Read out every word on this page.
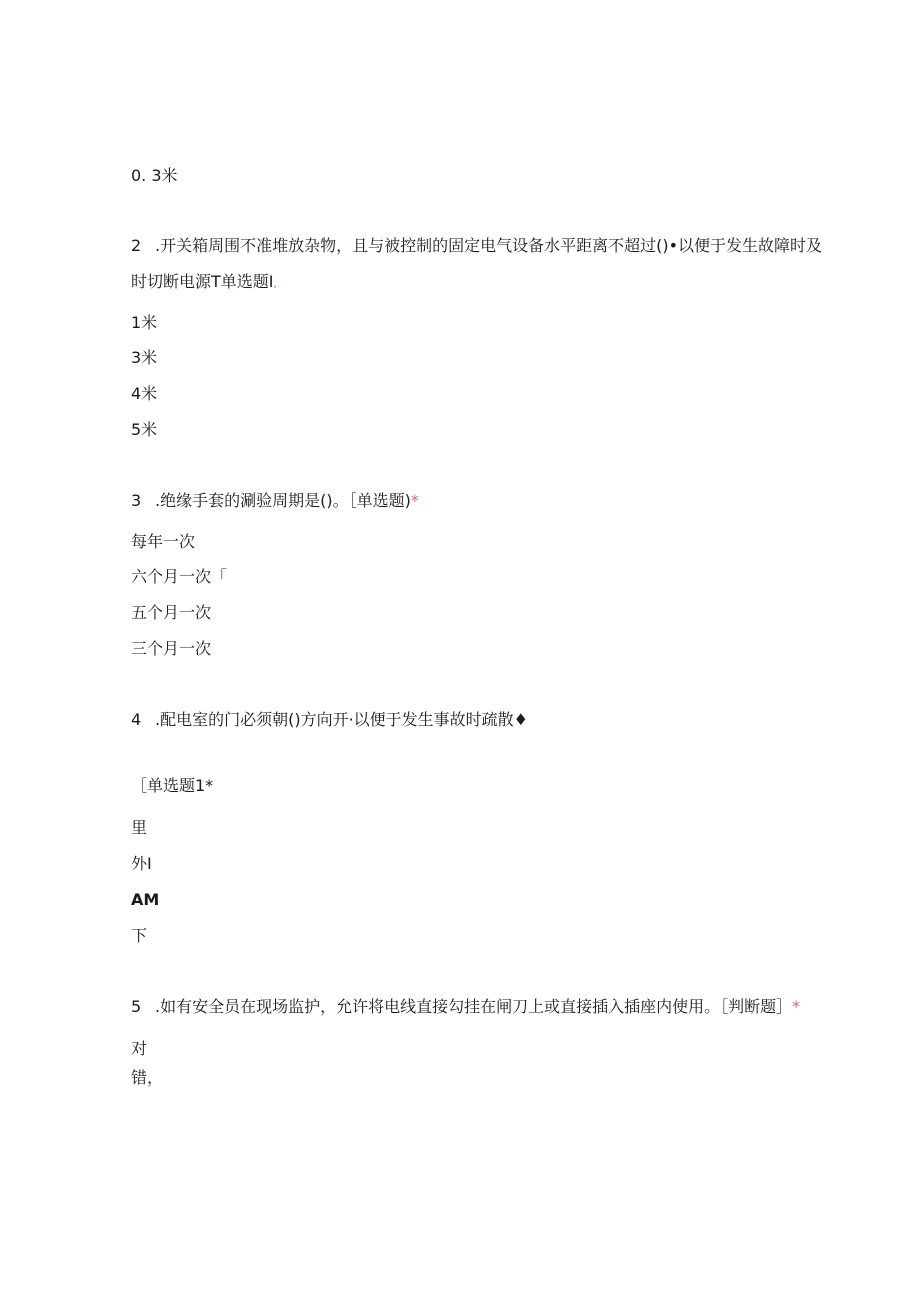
0. 3米
2 .开关箱周围不准堆放杂物，且与被控制的固定电气设备水平距离不超过()•以便于发生故障时及
时切断电源T单选题I,
1米
3米
4米
5米
3 .绝缘手套的涮验周期是()。［单选题)*
每年一次
六个月一次「
五个月一次
三个月一次
4 .配电室的门必须朝()方向开·以便于发生事故时疏散♦
［单选题1*
里
外I
AM
下
5 .如有安全员在现场监护，允许将电线直接勾挂在闸刀上或直接插入插座内使用。［判断题］*
对
错，
